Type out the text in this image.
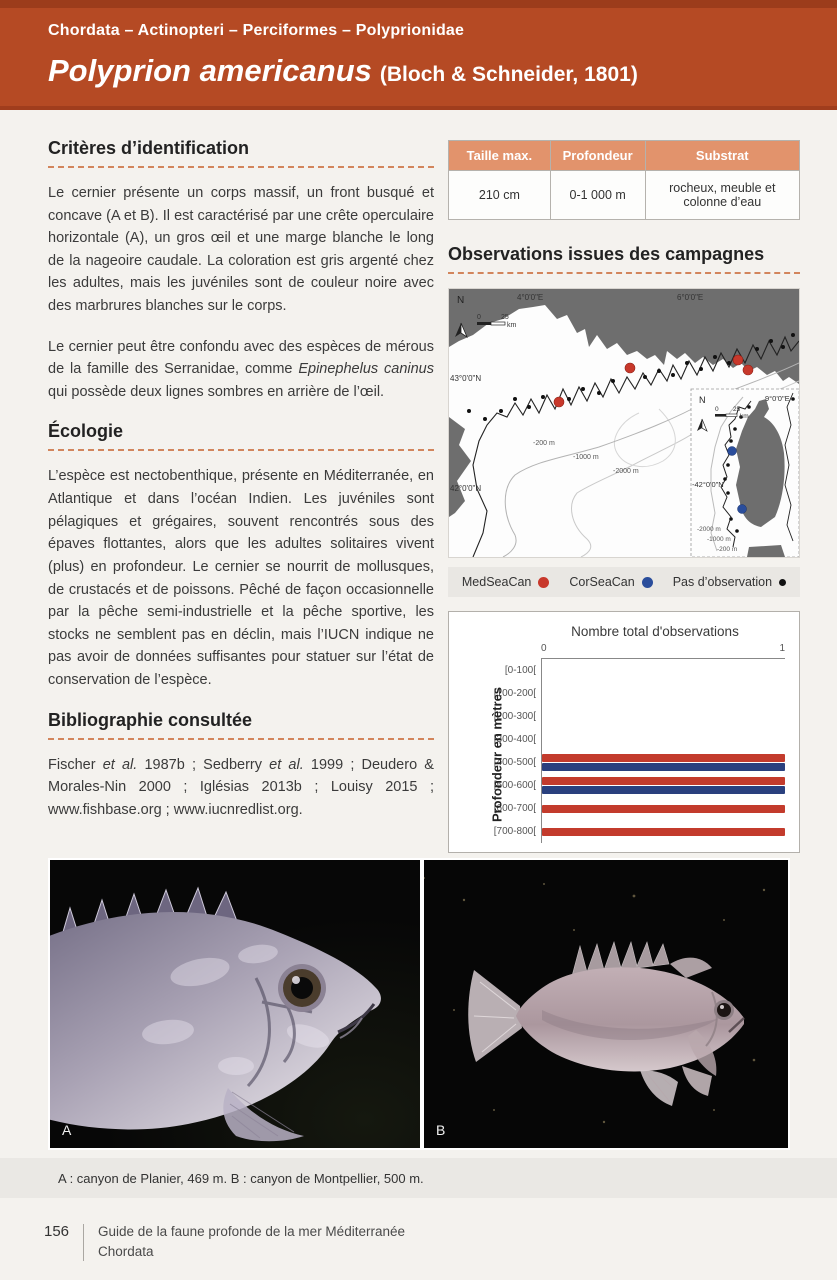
Chordata – Actinopteri – Perciformes – Polyprionidae
Polyprion americanus (Bloch & Schneider, 1801)
Critères d’identification

Le cernier présente un corps massif, un front busqué et concave (A et B). Il est caractérisé par une crête operculaire horizontale (A), un gros œil et une marge blanche le long de la nageoire caudale. La coloration est gris argenté chez les adultes, mais les juvéniles sont de couleur noire avec des marbrures blanches sur le corps.

Le cernier peut être confondu avec des espèces de mérous de la famille des Serranidae, comme Epinephelus caninus qui possède deux lignes sombres en arrière de l’œil.

Écologie

L’espèce est nectobenthique, présente en Méditerranée, en Atlantique et dans l’océan Indien. Les juvéniles sont pélagiques et grégaires, souvent rencontrés sous des épaves flottantes, alors que les adultes solitaires vivent (plus) en profondeur. Le cernier se nourrit de mollusques, de crustacés et de poissons. Pêché de façon occasionnelle par la pêche semi-industrielle et la pêche sportive, les stocks ne semblent pas en déclin, mais l’IUCN indique ne pas avoir de données suffisantes pour statuer sur l’état de conservation de l’espèce.

Bibliographie consultée

Fischer et al. 1987b ; Sedberry et al. 1999 ; Deudero & Morales-Nin 2000 ; Iglésias 2013b ; Louisy 2015 ; www.fishbase.org ; www.iucnredlist.org.

Taille max.	Profondeur	Substrat
210 cm	0-1 000 m	rocheux, meuble et colonne d’eau
Observations issues des campagnes
4°0'0"E	6°0'0"E
43°0'0"N
42°0'0"N
-200 m
-1000 m
-2000 m
N
0	25
km
9°0'0"E
-42°0'0"N
-2000 m
-1000 m
-200 m
N
0 25
km
MedSeaCan	CorSeaCan	Pas d’observation
Nombre total d'observations
Profondeur en mètres
[0-100[
[100-200[
[200-300[
[300-400[
[400-500[
[500-600[
[600-700[
[700-800[
0	1
A	B
A : canyon de Planier, 469 m. B : canyon de Montpellier, 500 m.
156 Guide de la faune profonde de la mer Méditerranée
Chordata
